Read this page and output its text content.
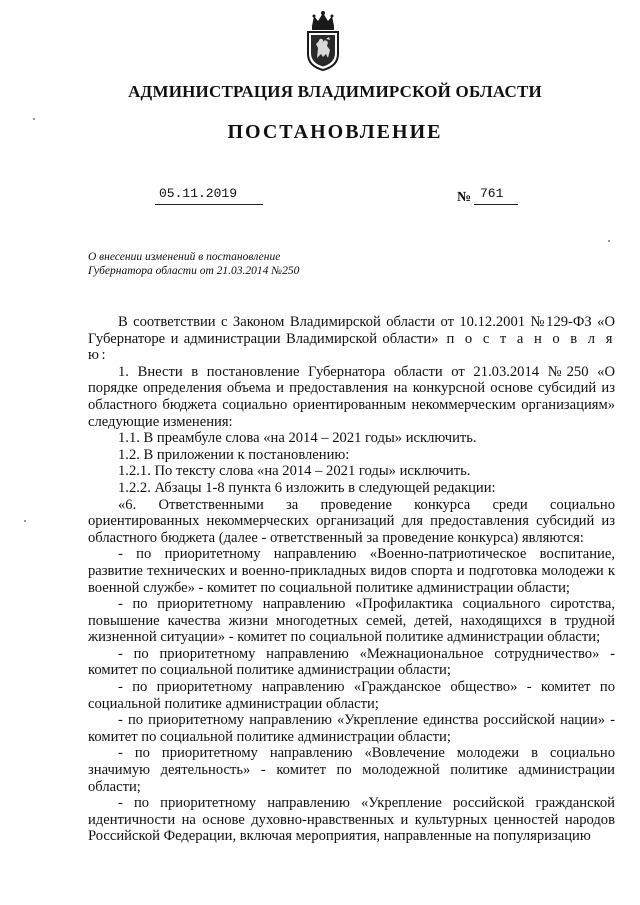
АДМИНИСТРАЦИЯ ВЛАДИМИРСКОЙ ОБЛАСТИ
ПОСТАНОВЛЕНИЕ
05.11.2019	№ 761
О внесении изменений в постановление
Губернатора области от 21.03.2014 №250

В соответствии с Законом Владимирской области от 10.12.2001 №129-ФЗ «О Губернаторе и администрации Владимирской области» п о с т а н о в л я ю:

1. Внести в постановление Губернатора области от 21.03.2014 №250 «О порядке определения объема и предоставления на конкурсной основе субсидий из областного бюджета социально ориентированным некоммерческим организациям» следующие изменения:

1.1. В преамбуле слова «на 2014 – 2021 годы» исключить.

1.2. В приложении к постановлению:

1.2.1. По тексту слова «на 2014 – 2021 годы» исключить.

1.2.2. Абзацы 1-8 пункта 6 изложить в следующей редакции:

«6. Ответственными за проведение конкурса среди социально ориентированных некоммерческих организаций для предоставления субсидий из областного бюджета (далее - ответственный за проведение конкурса) являются:

- по приоритетному направлению «Военно-патриотическое воспитание, развитие технических и военно-прикладных видов спорта и подготовка молодежи к военной службе» - комитет по социальной политике администрации области;

- по приоритетному направлению «Профилактика социального сиротства, повышение качества жизни многодетных семей, детей, находящихся в трудной жизненной ситуации» - комитет по социальной политике администрации области;

- по приоритетному направлению «Межнациональное сотрудничество» - комитет по социальной политике администрации области;

- по приоритетному направлению «Гражданское общество» - комитет по социальной политике администрации области;

- по приоритетному направлению «Укрепление единства российской нации» - комитет по социальной политике администрации области;

- по приоритетному направлению «Вовлечение молодежи в социально значимую деятельность» - комитет по молодежной политике администрации области;

- по приоритетному направлению «Укрепление российской гражданской идентичности на основе духовно-нравственных и культурных ценностей народов Российской Федерации, включая мероприятия, направленные на популяризацию
